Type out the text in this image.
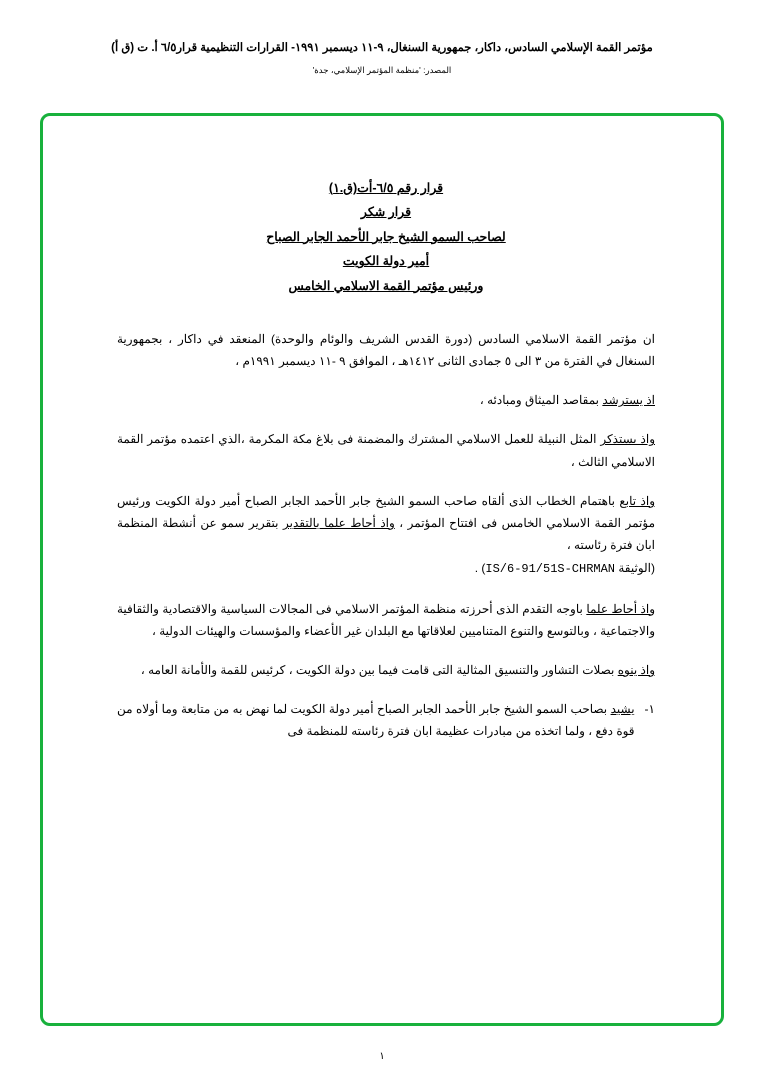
مؤتمر القمة الإسلامي السادس، داكار، جمهورية السنغال، ٩-١١ ديسمبر ١٩٩١- القرارات التنظيمية قرار٦/٥ أ. ت (ق أ)
المصدر: 'منظمة المؤتمر الإسلامي، جدة'
قرار رقم ٦/٥-أت(ق.١)
قرار شكر
لصاحب السمو الشيخ جابر الأحمد الجابر الصباح
أمير دولة الكويت
ورئيس مؤتمر القمة الاسلامي الخامس

ان مؤتمر القمة الاسلامي السادس (دورة القدس الشريف والوئام والوحدة) المنعقد في داكار ، بجمهورية السنغال في الفترة من ٣ الى ٥ جمادى الثانى ١٤١٢هـ ، الموافق ٩ -١١ ديسمبر ١٩٩١م ،

اذ يسترشد بمقاصد الميثاق ومبادئه ،

واذ يستذكر المثل النبيلة للعمل الاسلامي المشترك والمضمنة فى بلاغ مكة المكرمة ،الذي اعتمده مؤتمر القمة الاسلامي الثالث ،

واذ تابع باهتمام الخطاب الذى ألقاه صاحب السمو الشيخ جابر الأحمد الجابر الصباح أمير دولة الكويت ورئيس مؤتمر القمة الاسلامي الخامس فى افتتاح المؤتمر ، واذ أحاط علما بالتقدير بتقرير سمو عن أنشطة المنظمة ابان فترة رئاسته ،

(الوثيقة IS/6-91/51S-CHRMAN) .

واذ أحاط علما باوجه التقدم الذى أحرزته منظمة المؤتمر الاسلامي فى المجالات السياسية والاقتصادية والثقافية والاجتماعية ، وبالتوسع والتنوع المتناميين لعلاقاتها مع البلدان غير الأعضاء والمؤسسات والهيئات الدولية ،

واذ ينوه بصلات التشاور والتنسيق المثالية التى قامت فيما بين دولة الكويت ، كرئيس للقمة والأمانة العامه ،

١-

يشيد بصاحب السمو الشيخ جابر الأحمد الجابر الصباح أمير دولة الكويت لما نهض به من متابعة وما أولاه من قوة دفع ، ولما اتخذه من مبادرات عظيمة ابان فترة رئاسته للمنظمة فى

١
